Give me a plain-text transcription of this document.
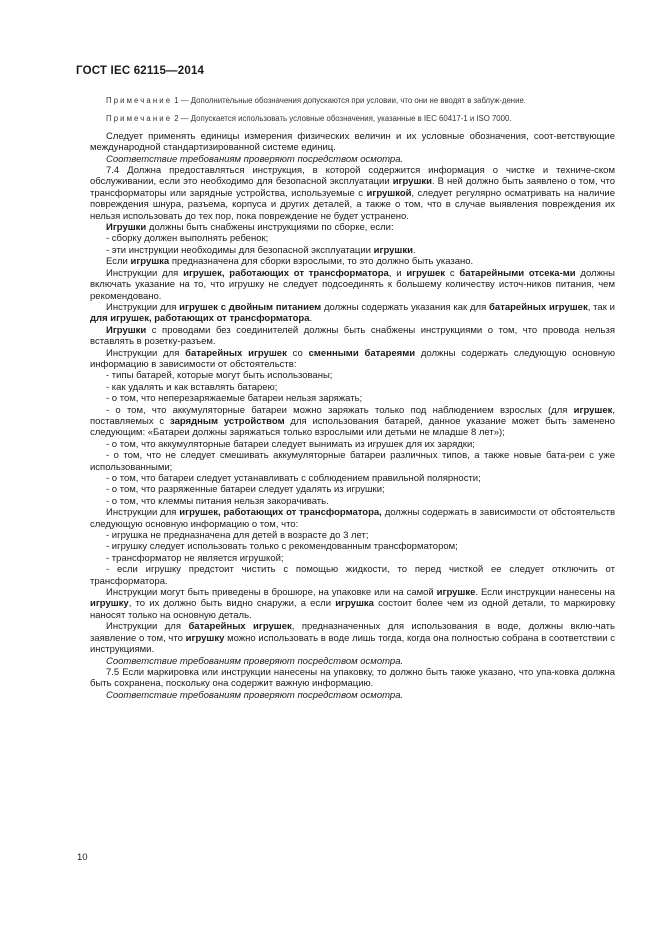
ГОСТ IEC 62115—2014

Примечание 1 — Дополнительные обозначения допускаются при условии, что они не вводят в заблуж-дение.

Примечание 2 — Допускается использовать условные обозначения, указанные в IEC 60417-1 и ISO 7000.

Следует применять единицы измерения физических величин и их условные обозначения, соот-ветствующие международной стандартизированной системе единиц.

Соответствие требованиям проверяют посредством осмотра.

7.4 Должна предоставляться инструкция, в которой содержится информация о чистке и техниче-ском обслуживании, если это необходимо для безопасной эксплуатации игрушки. В ней должно быть заявлено о том, что трансформаторы или зарядные устройства, используемые с игрушкой, следует регулярно осматривать на наличие повреждения шнура, разъема, корпуса и других деталей, а также о том, что в случае выявления повреждения их нельзя использовать до тех пор, пока повреждение не будет устранено.

Игрушки должны быть снабжены инструкциями по сборке, если:

- сборку должен выполнять ребенок;

- эти инструкции необходимы для безопасной эксплуатации игрушки.

Если игрушка предназначена для сборки взрослыми, то это должно быть указано.

Инструкции для игрушек, работающих от трансформатора, и игрушек с батарейными отсека-ми должны включать указание на то, что игрушку не следует подсоединять к большему количеству источ-ников питания, чем рекомендовано.

Инструкции для игрушек с двойным питанием должны содержать указания как для батарейных игрушек, так и для игрушек, работающих от трансформатора.

Игрушки с проводами без соединителей должны быть снабжены инструкциями о том, что провода нельзя вставлять в розетку-разъем.

Инструкции для батарейных игрушек со сменными батареями должны содержать следующую основную информацию в зависимости от обстоятельств:

- типы батарей, которые могут быть использованы;

- как удалять и как вставлять батарею;

- о том, что неперезаряжаемые батареи нельзя заряжать;

- о том, что аккумуляторные батареи можно заряжать только под наблюдением взрослых (для игрушек, поставляемых с зарядным устройством для использования батарей, данное указание может быть заменено следующим: «Батареи должны заряжаться только взрослыми или детьми не младше 8 лет»);

- о том, что аккумуляторные батареи следует вынимать из игрушек для их зарядки;

- о том, что не следует смешивать аккумуляторные батареи различных типов, а также новые бата-реи с уже использованными;

- о том, что батареи следует устанавливать с соблюдением правильной полярности;

- о том, что разряженные батареи следует удалять из игрушки;

- о том, что клеммы питания нельзя закорачивать.

Инструкции для игрушек, работающих от трансформатора, должны содержать в зависимости от обстоятельств следующую основную информацию о том, что:

- игрушка не предназначена для детей в возрасте до 3 лет;

- игрушку следует использовать только с рекомендованным трансформатором;

- трансформатор не является игрушкой;

- если игрушку предстоит чистить с помощью жидкости, то перед чисткой ее следует отключить от трансформатора.

Инструкции могут быть приведены в брошюре, на упаковке или на самой игрушке. Если инструкции нанесены на игрушку, то их должно быть видно снаружи, а если игрушка состоит более чем из одной детали, то маркировку наносят только на основную деталь.

Инструкции для батарейных игрушек, предназначенных для использования в воде, должны вклю-чать заявление о том, что игрушку можно использовать в воде лишь тогда, когда она полностью собрана в соответствии с инструкциями.

Соответствие требованиям проверяют посредством осмотра.

7.5 Если маркировка или инструкции нанесены на упаковку, то должно быть также указано, что упа-ковка должна быть сохранена, поскольку она содержит важную информацию.

Соответствие требованиям проверяют посредством осмотра.

10
